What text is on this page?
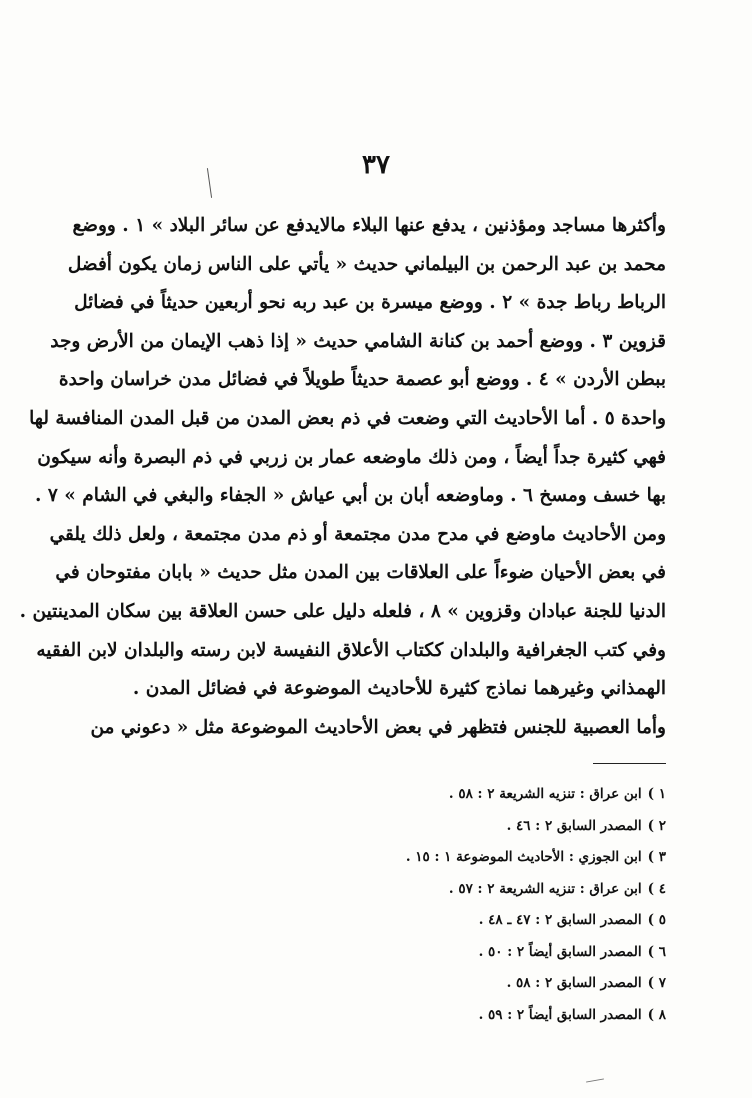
٣٧
وأكثرها مساجد ومؤذنين ، يدفع عنها البلاء مالايدفع عن سائر البلاد » ١ . ووضع
محمد بن عبد الرحمن بن البيلماني حديث « يأتي على الناس زمان يكون أفضل
الرباط رباط جدة » ٢ . ووضع ميسرة بن عبد ربه نحو أربعين حديثاً في فضائل
قزوين ٣ . ووضع أحمد بن كنانة الشامي حديث « إذا ذهب الإيمان من الأرض وجد
ببطن الأردن » ٤ . ووضع أبو عصمة حديثاً طويلاً في فضائل مدن خراسان واحدة
واحدة ٥ . أما الأحاديث التي وضعت في ذم بعض المدن من قبل المدن المنافسة لها
فهي كثيرة جداً أيضاً ، ومن ذلك ماوضعه عمار بن زربي في ذم البصرة وأنه سيكون
بها خسف ومسخ ٦ . وماوضعه أبان بن أبي عياش « الجفاء والبغي في الشام » ٧ .
ومن الأحاديث ماوضع في مدح مدن مجتمعة أو ذم مدن مجتمعة ، ولعل ذلك يلقي
في بعض الأحيان ضوءاً على العلاقات بين المدن مثل حديث « بابان مفتوحان في
الدنيا للجنة عبادان وقزوين » ٨ ، فلعله دليل على حسن العلاقة بين سكان المدينتين .
وفي كتب الجغرافية والبلدان ككتاب الأعلاق النفيسة لابن رسته والبلدان لابن الفقيه
الهمذاني وغيرهما نماذج كثيرة للأحاديث الموضوعة في فضائل المدن .
وأما العصبية للجنس فتظهر في بعض الأحاديث الموضوعة مثل « دعوني من
١ )ابن عراق : تنزيه الشريعة ٢ : ٥٨ .
٢ )المصدر السابق ٢ : ٤٦ .
٣ )ابن الجوزي : الأحاديث الموضوعة ١ : ١٥ .
٤ )ابن عراق : تنزيه الشريعة ٢ : ٥٧ .
٥ )المصدر السابق ٢ : ٤٧ ـ ٤٨ .
٦ )المصدر السابق أيضاً ٢ : ٥٠ .
٧ )المصدر السابق ٢ : ٥٨ .
٨ )المصدر السابق أيضاً ٢ : ٥٩ .
